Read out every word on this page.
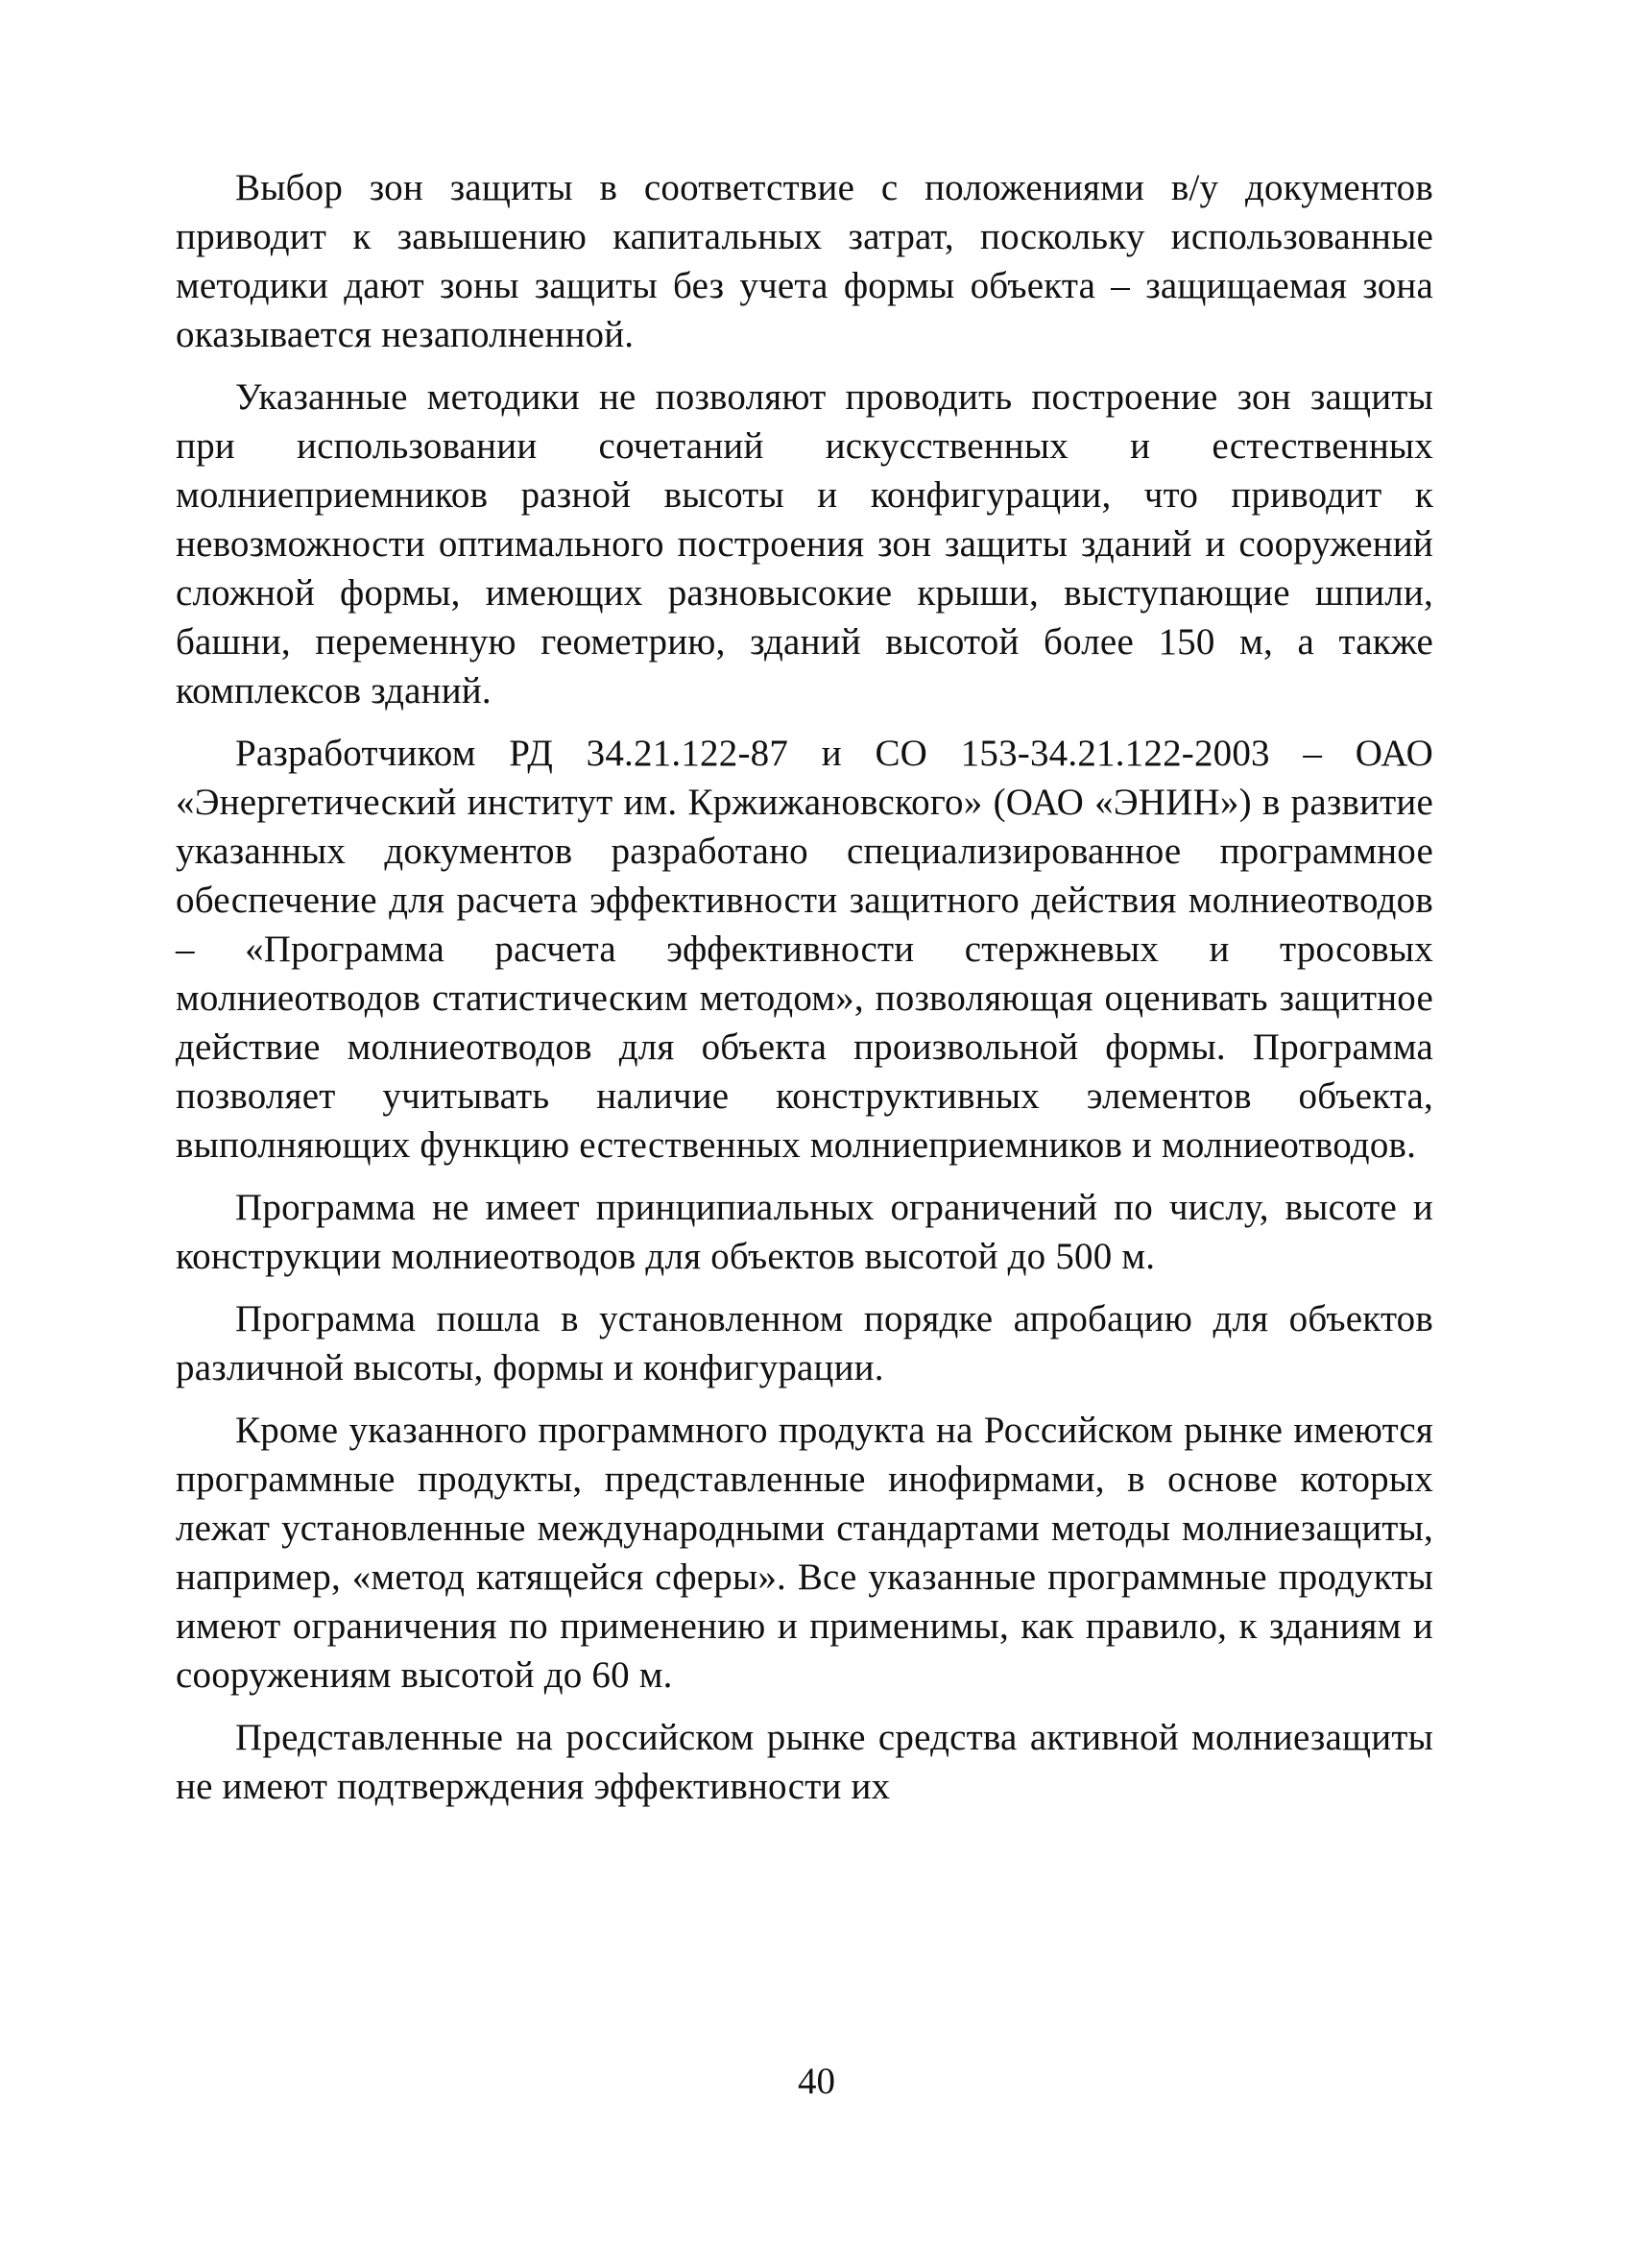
Выбор зон защиты в соответствие с положениями в/у документов приводит к завышению капитальных затрат, поскольку использованные методики дают зоны защиты без учета формы объекта – защищаемая зона оказывается незаполненной.

Указанные методики не позволяют проводить построение зон защиты при использовании сочетаний искусственных и естественных молниеприемников разной высоты и конфигурации, что приводит к невозможности оптимального построения зон защиты зданий и сооружений сложной формы, имеющих разновысокие крыши, выступающие шпили, башни, переменную геометрию, зданий высотой более 150 м, а также комплексов зданий.

Разработчиком РД 34.21.122-87 и СО 153-34.21.122-2003 – ОАО «Энергетический институт им. Кржижановского» (ОАО «ЭНИН») в развитие указанных документов разработано специализированное программное обеспечение для расчета эффективности защитного действия молниеотводов – «Программа расчета эффективности стержневых и тросовых молниеотводов статистическим методом», позволяющая оценивать защитное действие молниеотводов для объекта произвольной формы. Программа позволяет учитывать наличие конструктивных элементов объекта, выполняющих функцию естественных молниеприемников и молниеотводов.

Программа не имеет принципиальных ограничений по числу, высоте и конструкции молниеотводов для объектов высотой до 500 м.

Программа пошла в установленном порядке апробацию для объектов различной высоты, формы и конфигурации.

Кроме указанного программного продукта на Российском рынке имеются программные продукты, представленные инофирмами, в основе которых лежат установленные международными стандартами методы молниезащиты, например, «метод катящейся сферы». Все указанные программные продукты имеют ограничения по применению и применимы, как правило, к зданиям и сооружениям высотой до 60 м.

Представленные на российском рынке средства активной молниезащиты не имеют подтверждения эффективности их

40
